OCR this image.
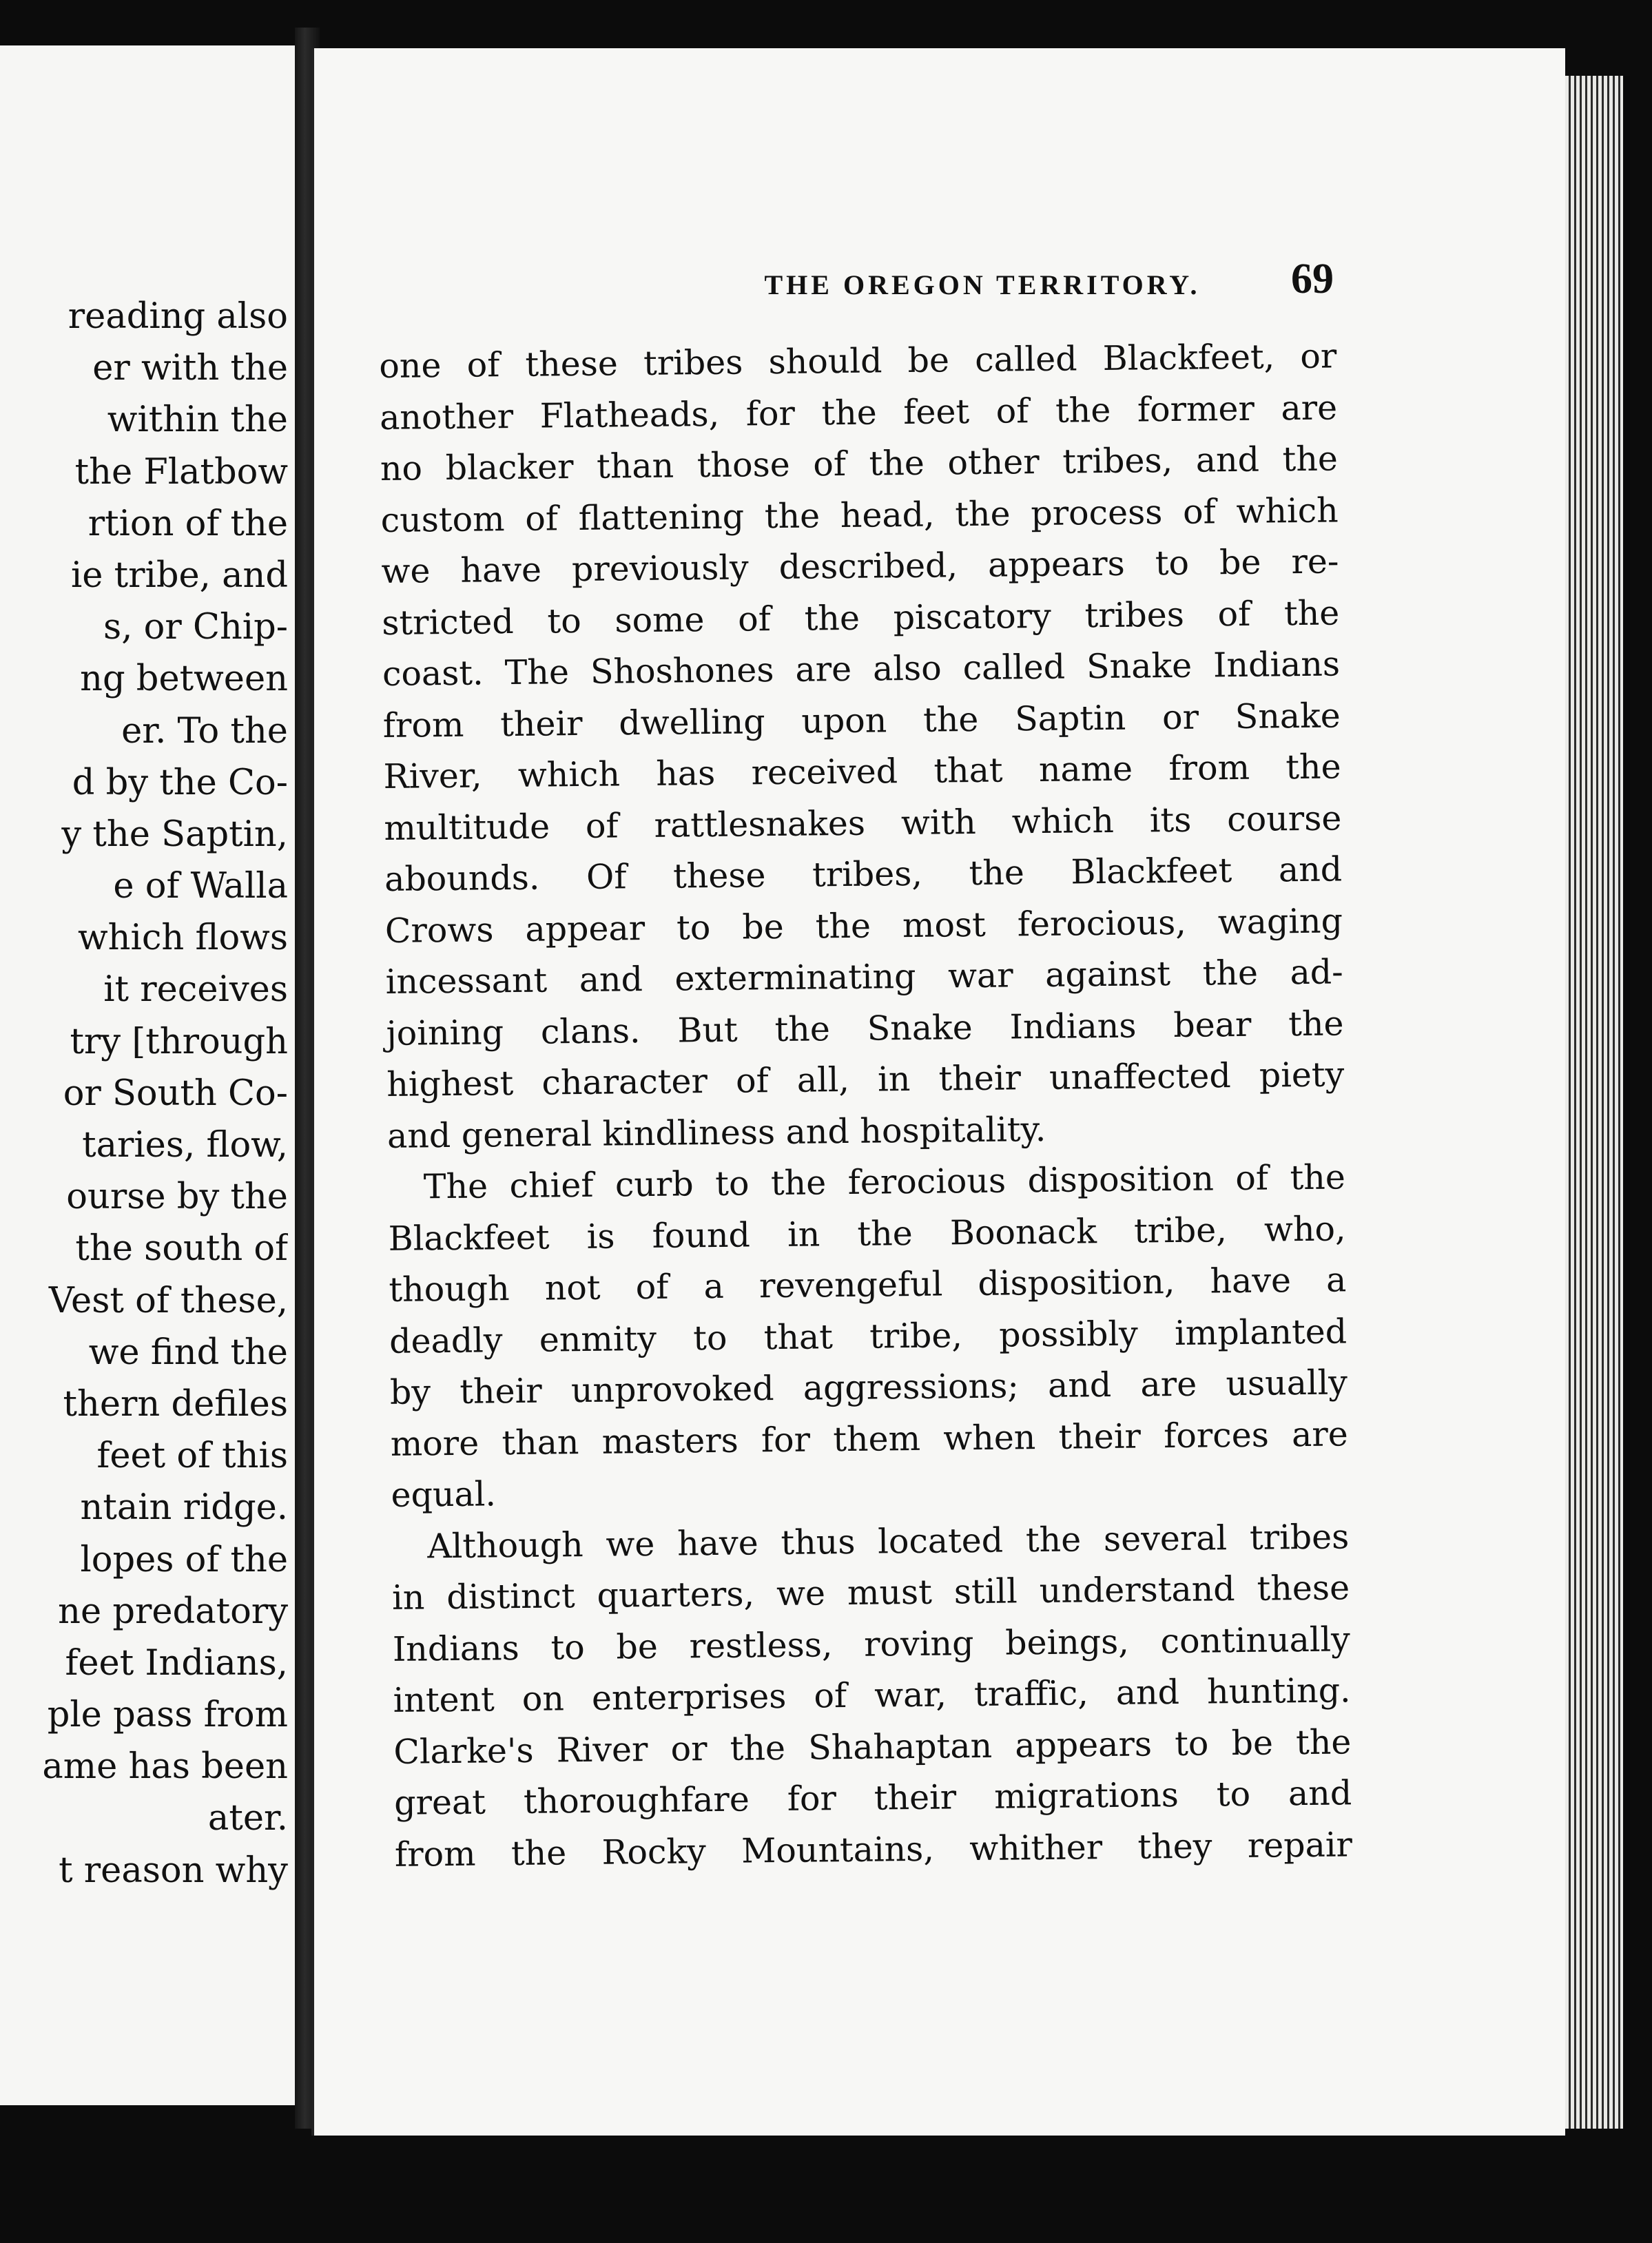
reading also
er with the
within the
the Flatbow
rtion of the
ie tribe, and
s, or Chip-
ng between
er. To the
d by the Co-
y the Saptin,
e of Walla
which flows
it receives
try [through
or South Co-
taries, flow,
ourse by the
the south of
Vest of these,
we find the
thern defiles
feet of this
ntain ridge.
lopes of the
ne predatory
feet Indians,
ple pass from
ame has been
ater.
t reason why
THE OREGON TERRITORY.	69
one of these tribes should be called Blackfeet, or
another Flatheads, for the feet of the former are
no blacker than those of the other tribes, and the
custom of flattening the head, the process of which
we have previously described, appears to be re-
stricted to some of the piscatory tribes of the
coast. The Shoshones are also called Snake Indians
from their dwelling upon the Saptin or Snake
River, which has received that name from the
multitude of rattlesnakes with which its course
abounds. Of these tribes, the Blackfeet and
Crows appear to be the most ferocious, waging
incessant and exterminating war against the ad-
joining clans. But the Snake Indians bear the
highest character of all, in their unaffected piety
and general kindliness and hospitality.
The chief curb to the ferocious disposition of the
Blackfeet is found in the Boonack tribe, who,
though not of a revengeful disposition, have a
deadly enmity to that tribe, possibly implanted
by their unprovoked aggressions; and are usually
more than masters for them when their forces are
equal.
Although we have thus located the several tribes
in distinct quarters, we must still understand these
Indians to be restless, roving beings, continually
intent on enterprises of war, traffic, and hunting.
Clarke's River or the Shahaptan appears to be the
great thoroughfare for their migrations to and
from the Rocky Mountains, whither they repair
